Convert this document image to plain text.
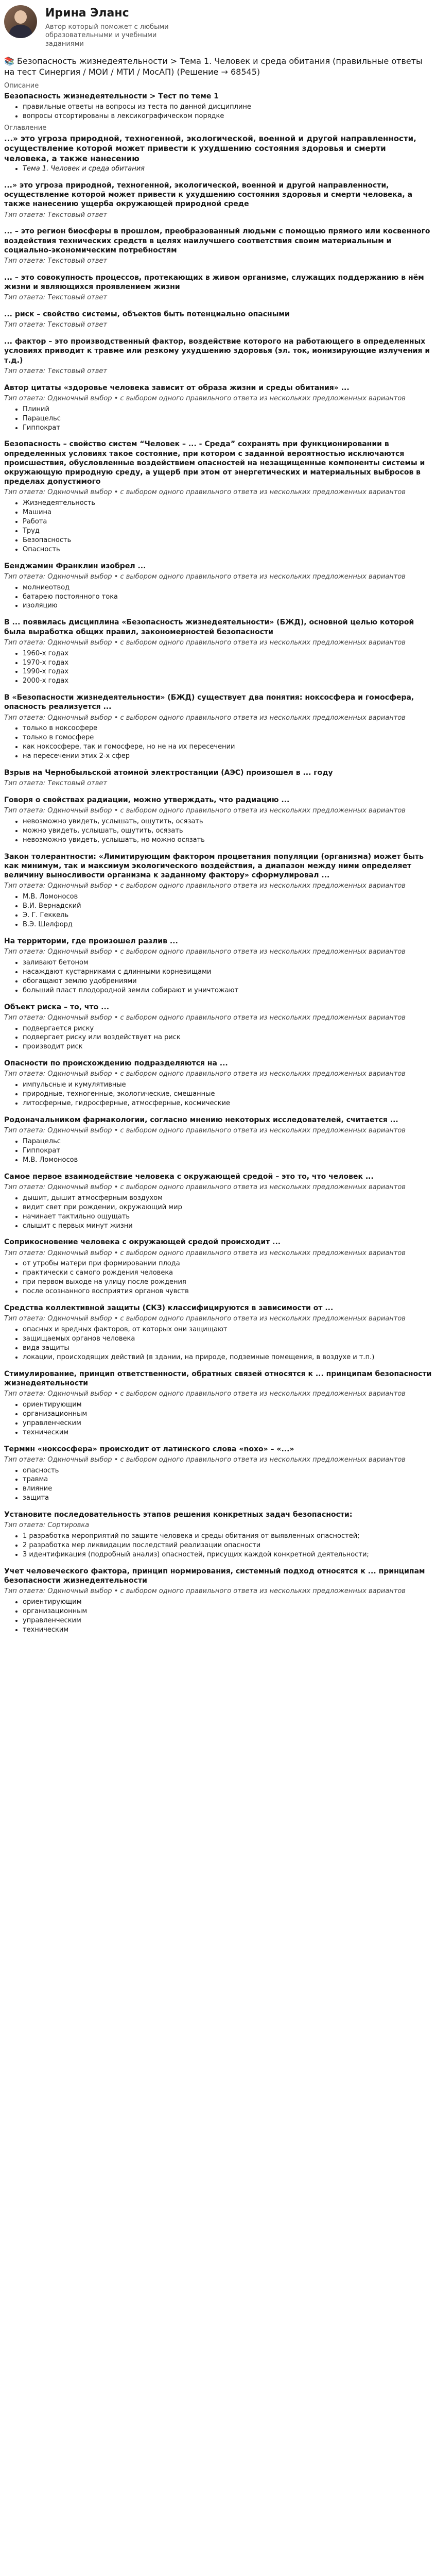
Ирина Эланс
Автор который поможет с любыми образовательными и учебными заданиями
📚 Безопасность жизнедеятельности > Тема 1. Человек и среда обитания (правильные ответы на тест Синергия / МОИ / МТИ / МосАП) (Решение → 68545)
Описание
Безопасность жизнедеятельности > Тест по теме 1
• правильные ответы на вопросы из теста по данной дисциплине
• вопросы отсортированы в лексикографическом порядке
Оглавление
...» это угроза природной, техногенной, экологической, военной и другой направленности, осуществление которой может привести к ухудшению состояния здоровья и смерти человека, а также нанесению
• Тема 1. Человек и среда обитания
...» это угроза природной, техногенной, экологической, военной и другой направленности, осуществление которой может привести к ухудшению состояния здоровья и смерти человека, а также нанесению ущерба окружающей природной среде
Тип ответа: Текстовый ответ
... – это регион биосферы в прошлом, преобразованный людьми с помощью прямого или косвенного воздействия технических средств в целях наилучшего соответствия своим материальным и социально-экономическим потребностям
Тип ответа: Текстовый ответ
... – это совокупность процессов, протекающих в живом организме, служащих поддержанию в нём жизни и являющихся проявлением жизни
Тип ответа: Текстовый ответ
... риск – свойство системы, объектов быть потенциально опасными
Тип ответа: Текстовый ответ
... фактор – это производственный фактор, воздействие которого на работающего в определенных условиях приводит к травме или резкому ухудшению здоровья (эл. ток, ионизирующие излучения и т.д.)
Тип ответа: Текстовый ответ
Автор цитаты «здоровье человека зависит от образа жизни и среды обитания» ...
Тип ответа: Одиночный выбор • с выбором одного правильного ответа из нескольких предложенных вариантов
• Плиний
• Парацельс
• Гиппократ
Безопасность – свойство систем “Человек – ... - Среда” сохранять при функционировании в определенных условиях такое состояние, при котором с заданной вероятностью исключаются происшествия, обусловленные воздействием опасностей на незащищенные компоненты системы и окружающую природную среду, а ущерб при этом от энергетических и материальных выбросов в пределах допустимого
Тип ответа: Одиночный выбор • с выбором одного правильного ответа из нескольких предложенных вариантов
• Жизнедеятельность
• Машина
• Работа
• Труд
• Безопасность
• Опасность
Бенджамин Франклин изобрел ...
Тип ответа: Одиночный выбор • с выбором одного правильного ответа из нескольких предложенных вариантов
• молниеотвод
• батарею постоянного тока
• изоляцию
В ... появилась дисциплина «Безопасность жизнедеятельности» (БЖД), основной целью которой была выработка общих правил, закономерностей безопасности
Тип ответа: Одиночный выбор • с выбором одного правильного ответа из нескольких предложенных вариантов
• 1960-х годах
• 1970-х годах
• 1990-х годах
• 2000-х годах
В «Безопасности жизнедеятельности» (БЖД) существует два понятия: ноксосфера и гомосфера, опасность реализуется ...
Тип ответа: Одиночный выбор • с выбором одного правильного ответа из нескольких предложенных вариантов
• только в ноксосфере
• только в гомосфере
• как ноксосфере, так и гомосфере, но не на их пересечении
• на пересечении этих 2-х сфер
Взрыв на Чернобыльской атомной электростанции (АЭС) произошел в ... году
Тип ответа: Текстовый ответ
Говоря о свойствах радиации, можно утверждать, что радиацию ...
Тип ответа: Одиночный выбор • с выбором одного правильного ответа из нескольких предложенных вариантов
• невозможно увидеть, услышать, ощутить, осязать
• можно увидеть, услышать, ощутить, осязать
• невозможно увидеть, услышать, но можно осязать
Закон толерантности: «Лимитирующим фактором процветания популяции (организма) может быть как минимум, так и максимум экологического воздействия, а диапазон между ними определяет величину выносливости организма к заданному фактору» сформулировал ...
Тип ответа: Одиночный выбор • с выбором одного правильного ответа из нескольких предложенных вариантов
• М.В. Ломоносов
• В.И. Вернадский
• Э. Г. Геккель
• В.Э. Шелфорд
На территории, где произошел разлив ...
Тип ответа: Одиночный выбор • с выбором одного правильного ответа из нескольких предложенных вариантов
• заливают бетоном
• насаждают кустарниками с длинными корневищами
• обогащают землю удобрениями
• больший пласт плодородной земли собирают и уничтожают
Объект риска – то, что ...
Тип ответа: Одиночный выбор • с выбором одного правильного ответа из нескольких предложенных вариантов
• подвергается риску
• подвергает риску или воздействует на риск
• производит риск
Опасности по происхождению подразделяются на ...
Тип ответа: Одиночный выбор • с выбором одного правильного ответа из нескольких предложенных вариантов
• импульсные и кумулятивные
• природные, техногенные, экологические, смешанные
• литосферные, гидросферные, атмосферные, космические
Родоначальником фармакологии, согласно мнению некоторых исследователей, считается ...
Тип ответа: Одиночный выбор • с выбором одного правильного ответа из нескольких предложенных вариантов
• Парацельс
• Гиппократ
• М.В. Ломоносов
Самое первое взаимодействие человека с окружающей средой – это то, что человек ...
Тип ответа: Одиночный выбор • с выбором одного правильного ответа из нескольких предложенных вариантов
• дышит, дышит атмосферным воздухом
• видит свет при рождении, окружающий мир
• начинает тактильно ощущать
• слышит с первых минут жизни
Соприкосновение человека с окружающей средой происходит ...
Тип ответа: Одиночный выбор • с выбором одного правильного ответа из нескольких предложенных вариантов
• от утробы матери при формировании плода
• практически с самого рождения человека
• при первом выходе на улицу после рождения
• после осознанного восприятия органов чувств
Средства коллективной защиты (СКЗ) классифицируются в зависимости от ...
Тип ответа: Одиночный выбор • с выбором одного правильного ответа из нескольких предложенных вариантов
• опасных и вредных факторов, от которых они защищают
• защищаемых органов человека
• вида защиты
• локации, происходящих действий (в здании, на природе, подземные помещения, в воздухе и т.п.)
Стимулирование, принцип ответственности, обратных связей относятся к ... принципам безопасности жизнедеятельности
Тип ответа: Одиночный выбор • с выбором одного правильного ответа из нескольких предложенных вариантов
• ориентирующим
• организационным
• управленческим
• техническим
Термин «ноксосфера» происходит от латинского слова «noxo» – «...»
Тип ответа: Одиночный выбор • с выбором одного правильного ответа из нескольких предложенных вариантов
• опасность
• травма
• влияние
• защита
Установите последовательность этапов решения конкретных задач безопасности:
Тип ответа: Сортировка
• 1 разработка мероприятий по защите человека и среды обитания от выявленных опасностей;
• 2 разработка мер ликвидации последствий реализации опасности
• 3 идентификация (подробный анализ) опасностей, присущих каждой конкретной деятельности;
Учет человеческого фактора, принцип нормирования, системный подход относятся к ... принципам безопасности жизнедеятельности
Тип ответа: Одиночный выбор • с выбором одного правильного ответа из нескольких предложенных вариантов
• ориентирующим
• организационным
• управленческим
• техническим
